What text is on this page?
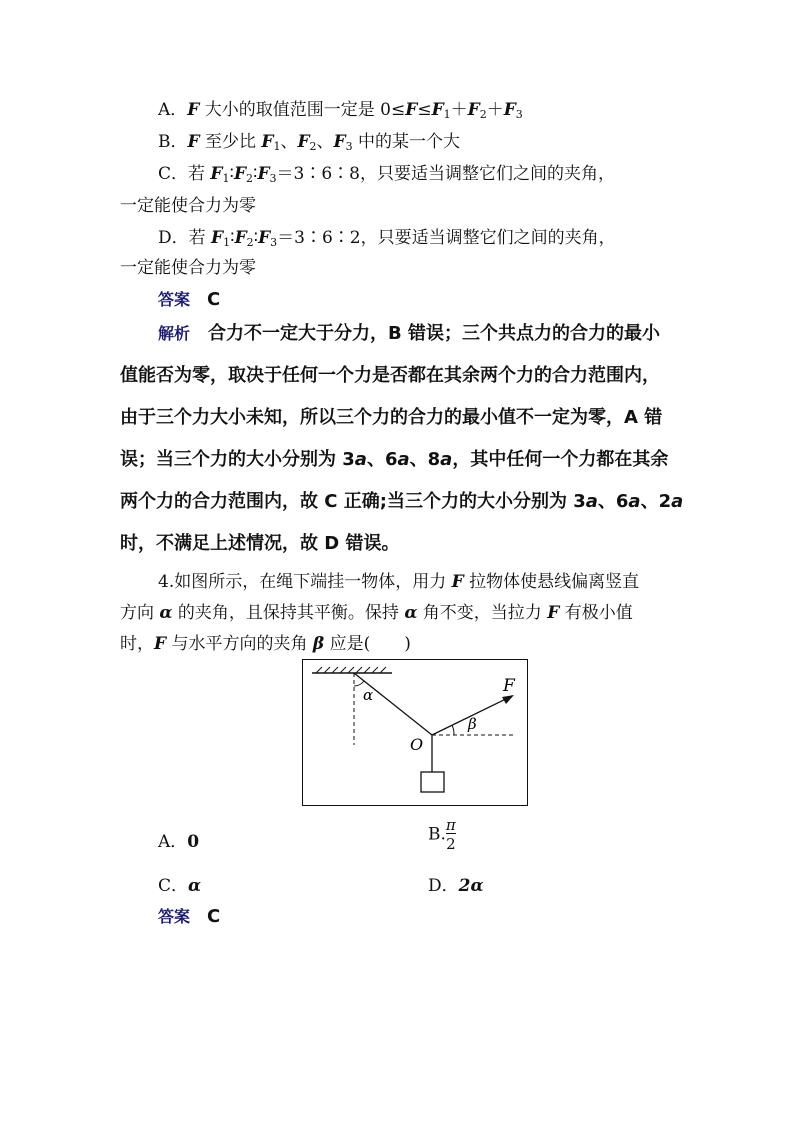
A．F 大小的取值范围一定是 $0\le F\le F_1+F_2+F_3$
B．F 至少比 $F_1$、$F_2$、$F_3$ 中的某一个大
C．若 $F_1∶F_2∶F_3=3∶6∶8$，只要适当调整它们之间的夹角，
一定能使合力为零
D．若 $F_1∶F_2∶F_3=3∶6∶2$，只要适当调整它们之间的夹角，
一定能使合力为零
答案　 C
解析　 合力不一定大于分力，B 错误；三个共点力的合力的最小
值能否为零，取决于任何一个力是否都在其余两个力的合力范围内，
由于三个力大小未知，所以三个力的合力的最小值不一定为零，A 错
误；当三个力的大小分别为 3a、6a、8a，其中任何一个力都在其余
两个力的合力范围内，故 C 正确;当三个力的大小分别为 3a、6a、2a
时，不满足上述情况，故 D 错误。
4.如图所示，在绳下端挂一物体，用力 F 拉物体使悬线偏离竖直
方向 α 的夹角，且保持其平衡。保持 α 角不变，当拉力 F 有极小值
时，F 与水平方向的夹角 β 应是(　　)
α
β
F
O
A．0	B. $\frac{\pi}{2}$
C．α	D．2α
答案　 C
